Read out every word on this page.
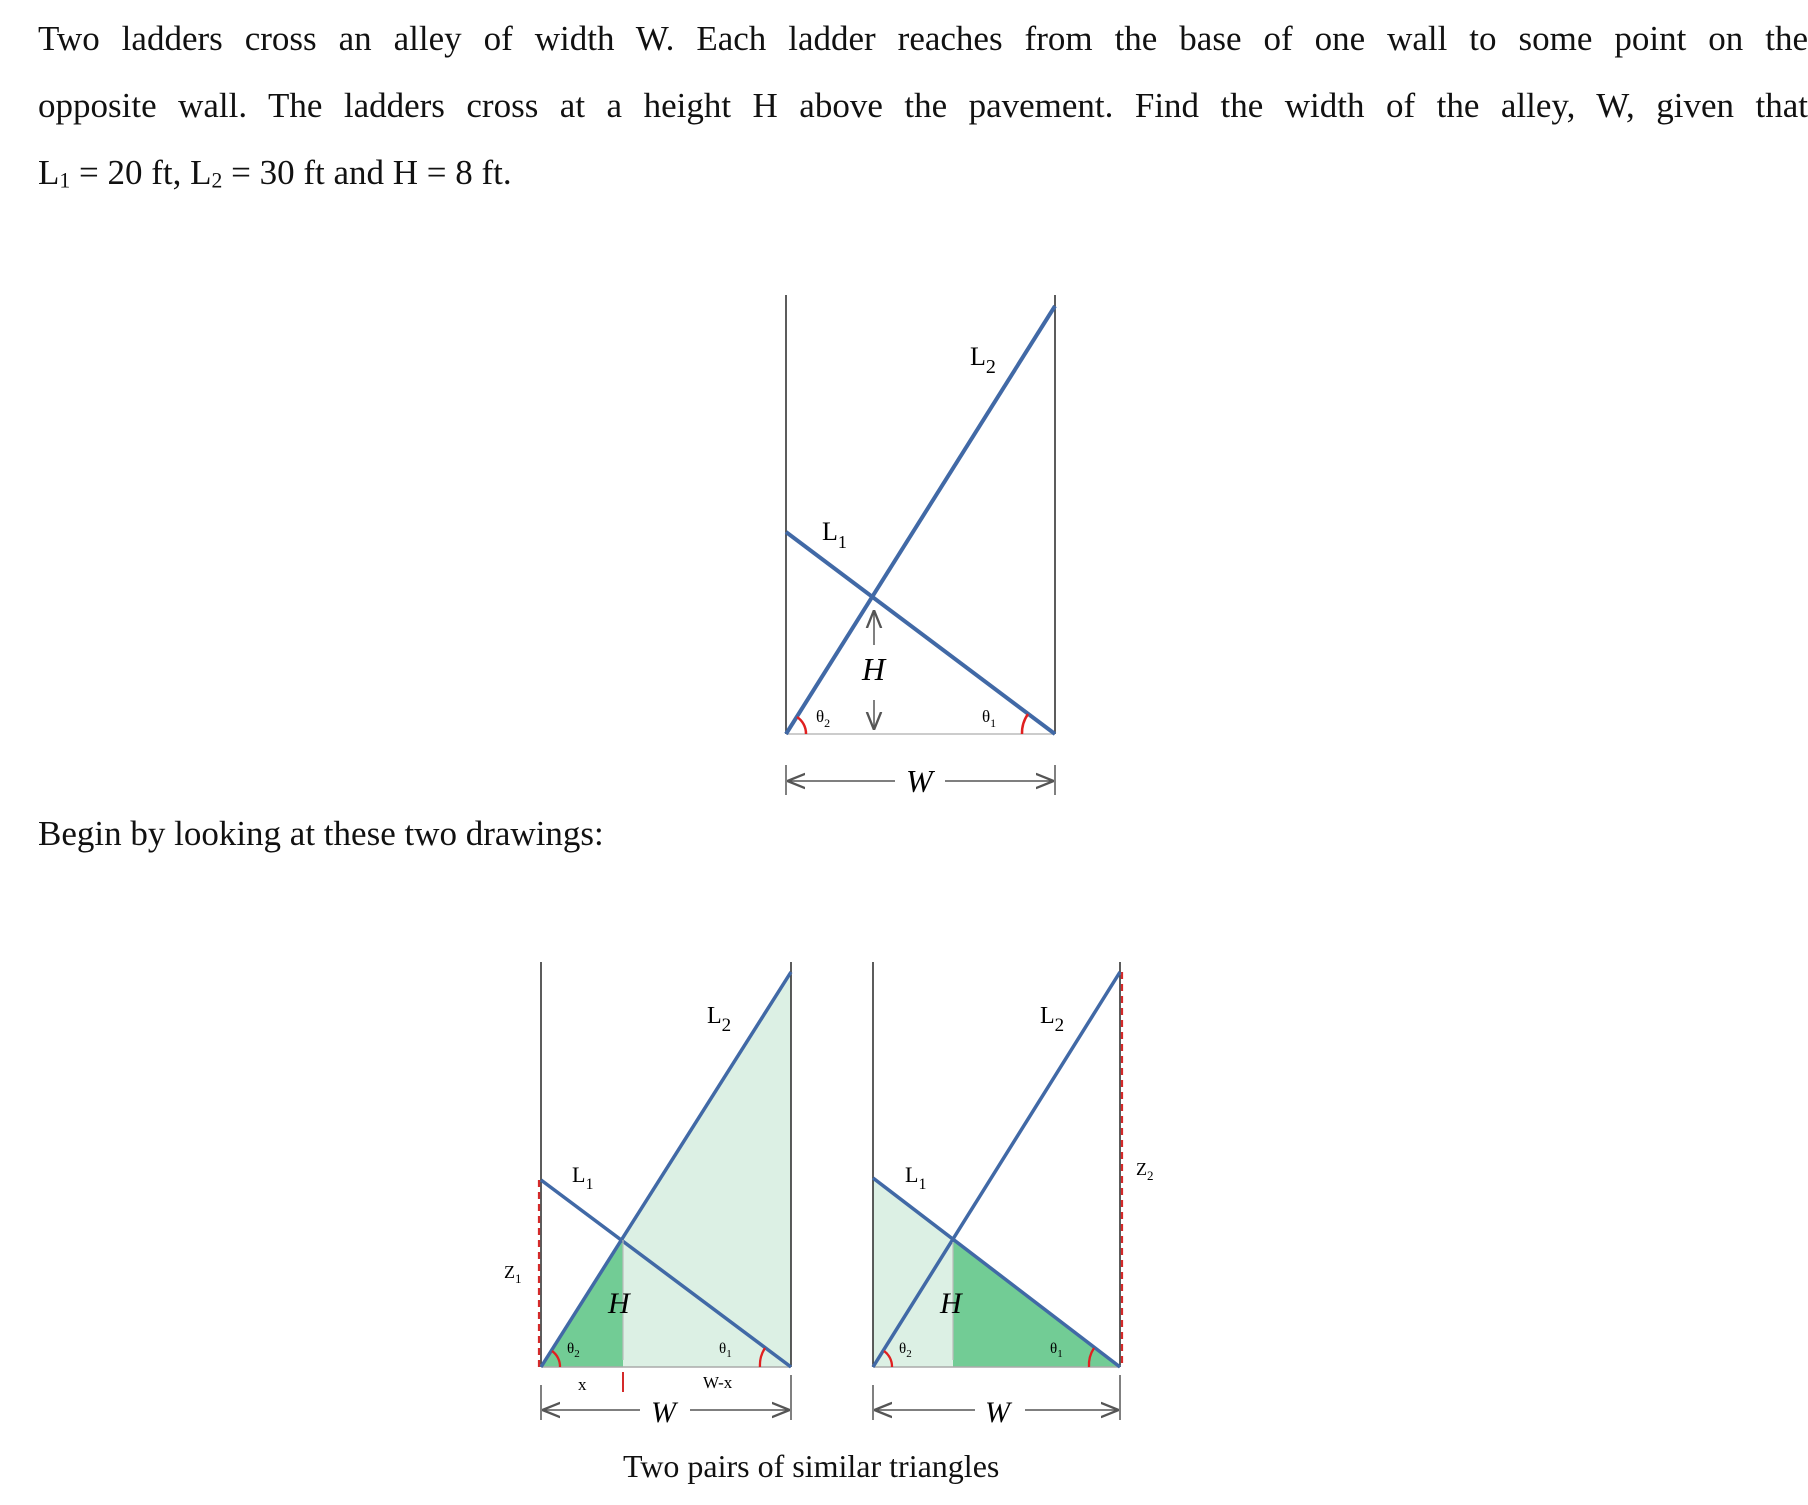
Two ladders cross an alley of width W. Each ladder reaches from the base of one wall to some point on the
opposite wall. The ladders cross at a height H above the pavement. Find the width of the alley, W, given that
$L_1 = 20$ ft, $L_2 = 30$ ft and H = 8 ft.
Begin by looking at these two drawings:
$L_2$
$L_1$
H
$\theta_2$	$\theta_1$
W
$L_2$
$L_1$
$Z_1$
H
$\theta_2$	$\theta_1$
x	W-x
W
$L_2$
$L_1$
$Z_2$
H
$\theta_2$	$\theta_1$
W
Two pairs of similar triangles
